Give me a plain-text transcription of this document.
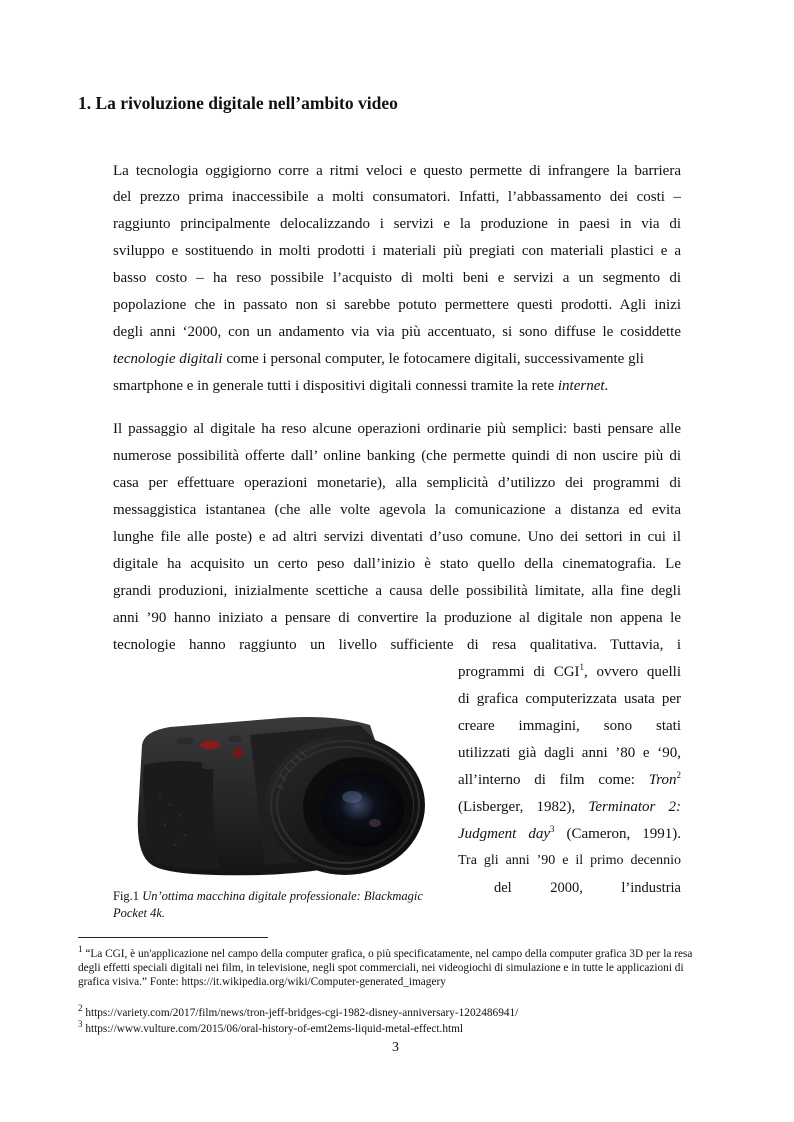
1. La rivoluzione digitale nell’ambito video
La tecnologia oggigiorno corre a ritmi veloci e questo permette di infrangere la barriera
del prezzo prima inaccessibile a molti consumatori. Infatti, l’abbassamento dei costi –
raggiunto principalmente delocalizzando i servizi e la produzione in paesi in via di
sviluppo e sostituendo in molti prodotti i materiali più pregiati con materiali plastici e a
basso costo – ha reso possibile l’acquisto di molti beni e servizi a un segmento di
popolazione che in passato non si sarebbe potuto permettere questi prodotti. Agli inizi
degli anni ‘2000, con un andamento via via più accentuato, si sono diffuse le cosiddette
tecnologie digitali come i personal computer, le fotocamere digitali, successivamente gli
smartphone e in generale tutti i dispositivi digitali connessi tramite la rete internet.
Il passaggio al digitale ha reso alcune operazioni ordinarie più semplici: basti pensare alle
numerose possibilità offerte dall’ online banking (che permette quindi di non uscire più di
casa per effettuare operazioni monetarie), alla semplicità d’utilizzo dei programmi di
messaggistica istantanea (che alle volte agevola la comunicazione a distanza ed evita
lunghe file alle poste) e ad altri servizi diventati d’uso comune. Uno dei settori in cui il
digitale ha acquisito un certo peso dall’inizio è stato quello della cinematografia. Le
grandi produzioni, inizialmente scettiche a causa delle possibilità limitate, alla fine degli
anni ’90 hanno iniziato a pensare di convertire la produzione al digitale non appena le
tecnologie hanno raggiunto un livello sufficiente di resa qualitativa. Tuttavia, i
programmi di CGI$^1$, ovvero quelli
di grafica computerizzata usata per
creare immagini, sono stati
utilizzati già dagli anni ’80 e ‘90,
all’interno di film come: Tron$^2$
(Lisberger, 1982), Terminator 2:
Judgment day$^3$ (Cameron, 1991).
Tra gli anni ’90 e il primo decennio
del 2000, l’industria
Fig.1 Un’ottima macchina digitale professionale: Blackmagic Pocket 4k.
$^1$ “La CGI, è un'applicazione nel campo della computer grafica, o più specificatamente, nel campo della computer grafica 3D per la resa degli effetti speciali digitali nei film, in televisione, negli spot commerciali, nei videogiochi di simulazione e in tutte le applicazioni di grafica visiva.” Fonte: https://it.wikipedia.org/wiki/Computer-generated_imagery
$^2$ https://variety.com/2017/film/news/tron-jeff-bridges-cgi-1982-disney-anniversary-1202486941/
$^3$ https://www.vulture.com/2015/06/oral-history-of-emt2ems-liquid-metal-effect.html
3
